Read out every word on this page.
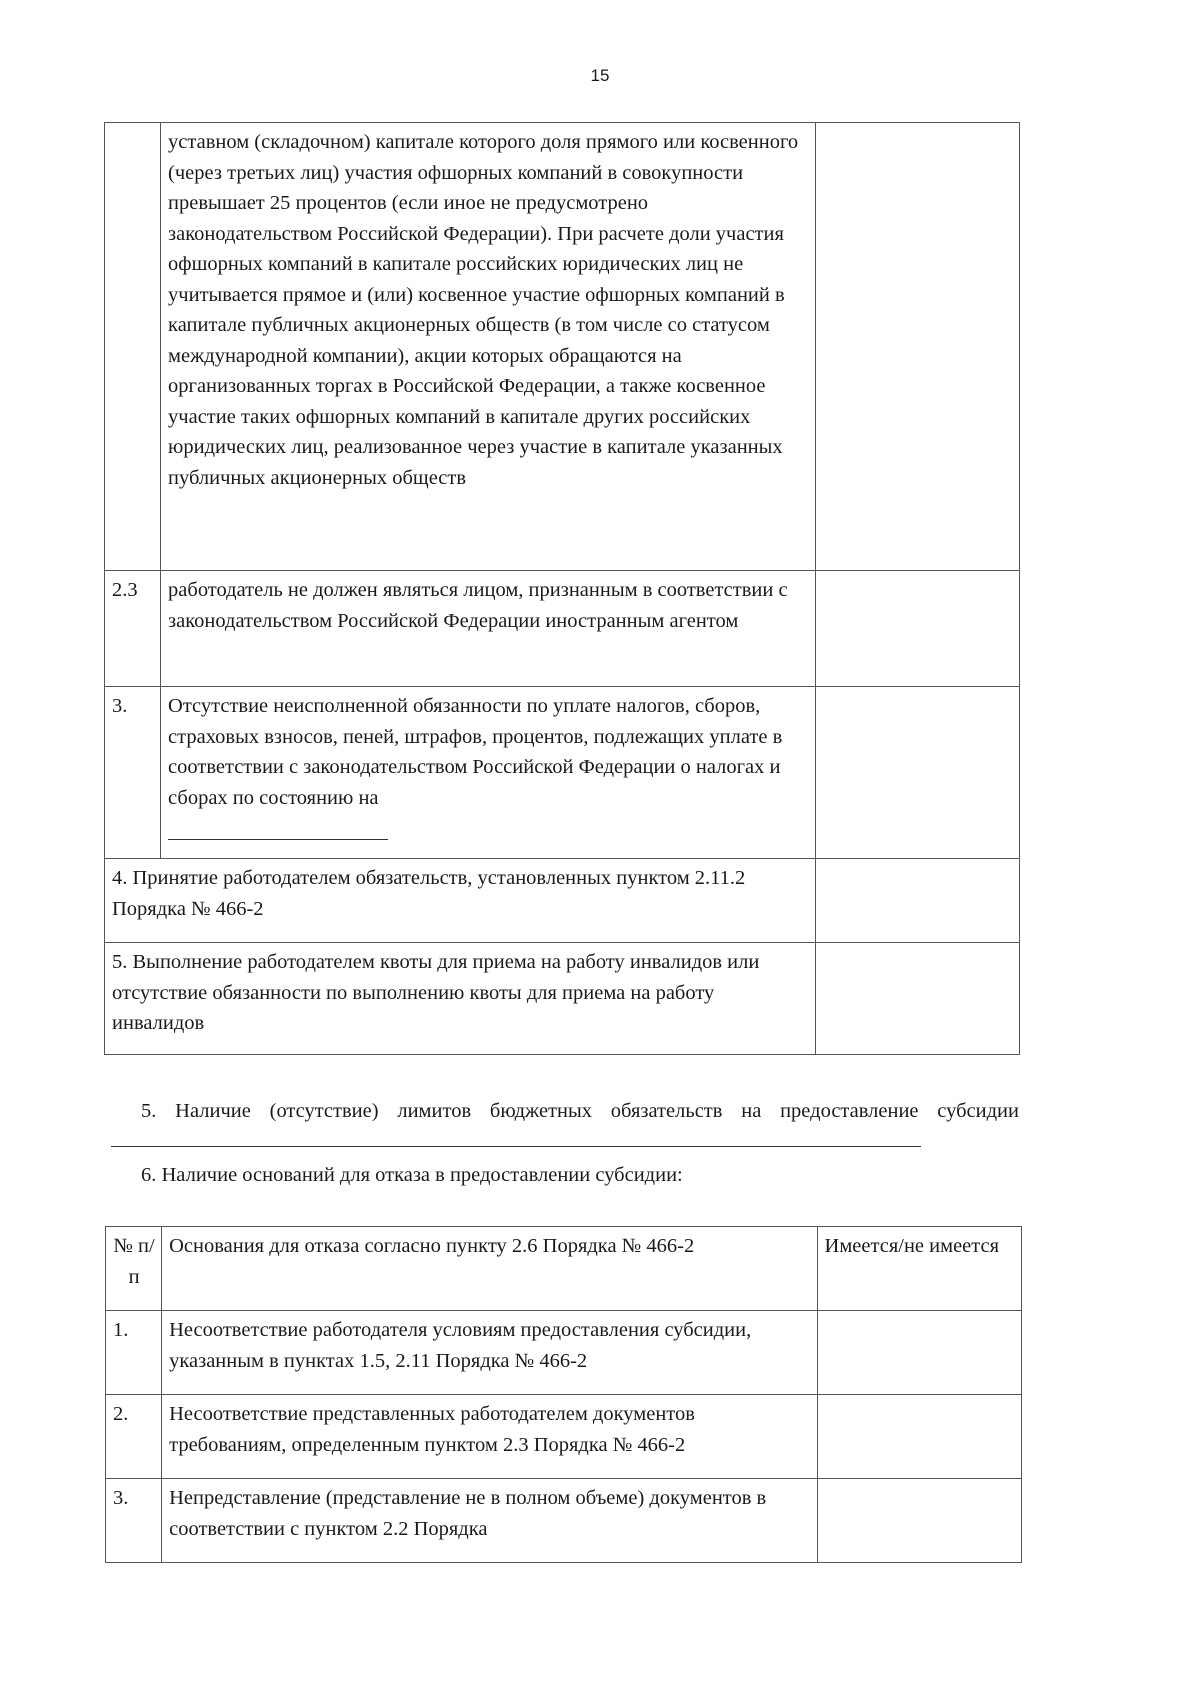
15
	уставном (складочном) капитале которого доля прямого или косвенного (через третьих лиц) участия офшорных компаний в совокупности превышает 25 процентов (если иное не предусмотрено законодательством Российской Федерации). При расчете доли участия офшорных компаний в капитале российских юридических лиц не учитывается прямое и (или) косвенное участие офшорных компаний в капитале публичных акционерных обществ (в том числе со статусом международной компании), акции которых обращаются на организованных торгах в Российской Федерации, а также косвенное участие таких офшорных компаний в капитале других российских юридических лиц, реализованное через участие в капитале указанных публичных акционерных обществ	
2.3	работодатель не должен являться лицом, признанным в соответствии с законодательством Российской Федерации иностранным агентом	
3.	Отсутствие неисполненной обязанности по уплате налогов, сборов, страховых взносов, пеней, штрафов, процентов, подлежащих уплате в соответствии с законодательством Российской Федерации о налогах и сборах по состоянию на

4. Принятие работодателем обязательств, установленных пунктом 2.11.2 Порядка № 466-2		
5. Выполнение работодателем квоты для приема на работу инвалидов или отсутствие обязанности по выполнению квоты для приема на работу инвалидов		
5. Наличие (отсутствие) лимитов бюджетных обязательств на предоставление субсидии
6. Наличие оснований для отказа в предоставлении субсидии:
№ п/п	Основания для отказа согласно пункту 2.6 Порядка № 466-2	Имеется/не имеется
1.	Несоответствие работодателя условиям предоставления субсидии, указанным в пунктах 1.5, 2.11 Порядка № 466-2	
2.	Несоответствие представленных работодателем документов требованиям, определенным пунктом 2.3 Порядка № 466-2	
3.	Непредставление (представление не в полном объеме) документов в соответствии с пунктом 2.2 Порядка	
